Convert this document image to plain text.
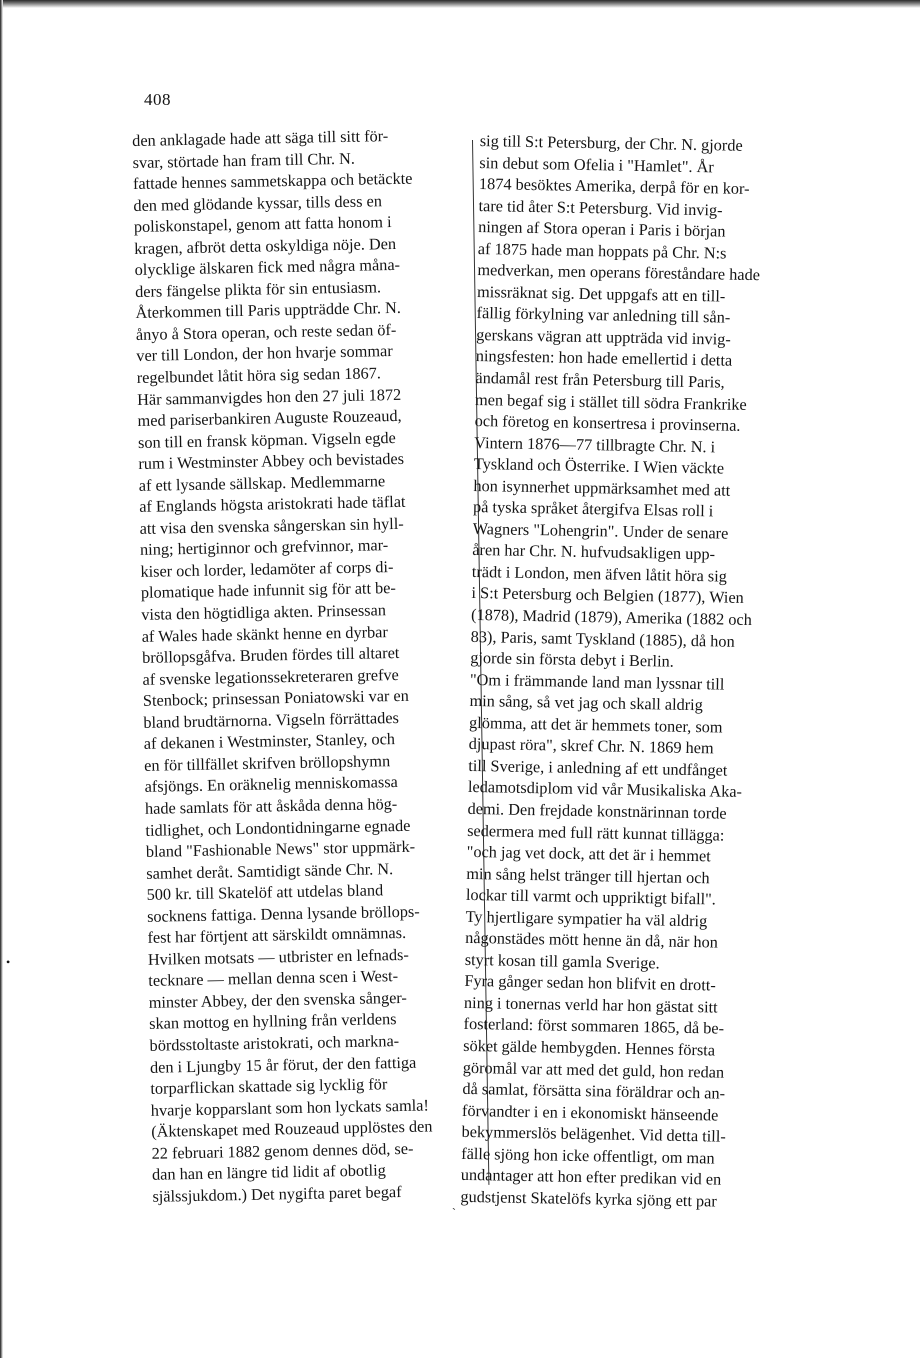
408
den anklagade hade att säga till sitt för-
svar, störtade han fram till Chr. N.
fattade hennes sammetskappa och betäckte
den med glödande kyssar, tills dess en
poliskonstapel, genom att fatta honom i
kragen, afbröt detta oskyldiga nöje. Den
olycklige älskaren fick med några måna-
ders fängelse plikta för sin entusiasm.
Återkommen till Paris uppträdde Chr. N.
ånyo å Stora operan, och reste sedan öf-
ver till London, der hon hvarje sommar
regelbundet låtit höra sig sedan 1867.
Här sammanvigdes hon den 27 juli 1872
med pariserbankiren Auguste Rouzeaud,
son till en fransk köpman. Vigseln egde
rum i Westminster Abbey och bevistades
af ett lysande sällskap. Medlemmarne
af Englands högsta aristokrati hade täflat
att visa den svenska sångerskan sin hyll-
ning; hertiginnor och grefvinnor, mar-
kiser och lorder, ledamöter af corps di-
plomatique hade infunnit sig för att be-
vista den högtidliga akten. Prinsessan
af Wales hade skänkt henne en dyrbar
bröllopsgåfva. Bruden fördes till altaret
af svenske legationssekreteraren grefve
Stenbock; prinsessan Poniatowski var en
bland brudtärnorna. Vigseln förrättades
af dekanen i Westminster, Stanley, och
en för tillfället skrifven bröllopshymn
afsjöngs. En oräknelig menniskomassa
hade samlats för att åskåda denna hög-
tidlighet, och Londontidningarne egnade
bland "Fashionable News" stor uppmärk-
samhet deråt. Samtidigt sände Chr. N.
500 kr. till Skatelöf att utdelas bland
socknens fattiga. Denna lysande bröllops-
fest har förtjent att särskildt omnämnas.
Hvilken motsats — utbrister en lefnads-
tecknare — mellan denna scen i West-
minster Abbey, der den svenska sånger-
skan mottog en hyllning från verldens
bördsstoltaste aristokrati, och markna-
den i Ljungby 15 år förut, der den fattiga
torparflickan skattade sig lycklig för
hvarje kopparslant som hon lyckats samla!
(Äktenskapet med Rouzeaud upplöstes den
22 februari 1882 genom dennes död, se-
dan han en längre tid lidit af obotlig
själssjukdom.) Det nygifta paret begaf
sig till S:t Petersburg, der Chr. N. gjorde
sin debut som Ofelia i "Hamlet". År
1874 besöktes Amerika, derpå för en kor-
tare tid åter S:t Petersburg. Vid invig-
ningen af Stora operan i Paris i början
af 1875 hade man hoppats på Chr. N:s
medverkan, men operans föreståndare hade
missräknat sig. Det uppgafs att en till-
fällig förkylning var anledning till sån-
gerskans vägran att uppträda vid invig-
ningsfesten: hon hade emellertid i detta
ändamål rest från Petersburg till Paris,
men begaf sig i stället till södra Frankrike
och företog en konsertresa i provinserna.
Vintern 1876—77 tillbragte Chr. N. i
Tyskland och Österrike. I Wien väckte
hon isynnerhet uppmärksamhet med att
på tyska språket återgifva Elsas roll i
Wagners "Lohengrin". Under de senare
åren har Chr. N. hufvudsakligen upp-
trädt i London, men äfven låtit höra sig
i S:t Petersburg och Belgien (1877), Wien
(1878), Madrid (1879), Amerika (1882 och
83), Paris, samt Tyskland (1885), då hon
gjorde sin första debyt i Berlin.
"Om i främmande land man lyssnar till
min sång, så vet jag och skall aldrig
glömma, att det är hemmets toner, som
djupast röra", skref Chr. N. 1869 hem
till Sverige, i anledning af ett undfånget
ledamotsdiplom vid vår Musikaliska Aka-
demi. Den frejdade konstnärinnan torde
sedermera med full rätt kunnat tillägga:
"och jag vet dock, att det är i hemmet
min sång helst tränger till hjertan och
lockar till varmt och uppriktigt bifall".
Ty hjertligare sympatier ha väl aldrig
någonstädes mött henne än då, när hon
styrt kosan till gamla Sverige.
Fyra gånger sedan hon blifvit en drott-
ning i tonernas verld har hon gästat sitt
fosterland: först sommaren 1865, då be-
söket gälde hembygden. Hennes första
göromål var att med det guld, hon redan
då samlat, försätta sina föräldrar och an-
förvandter i en i ekonomiskt hänseende
bekymmerslös belägenhet. Vid detta till-
fälle sjöng hon icke offentligt, om man
undantager att hon efter predikan vid en
gudstjenst Skatelöfs kyrka sjöng ett par
•
˴
